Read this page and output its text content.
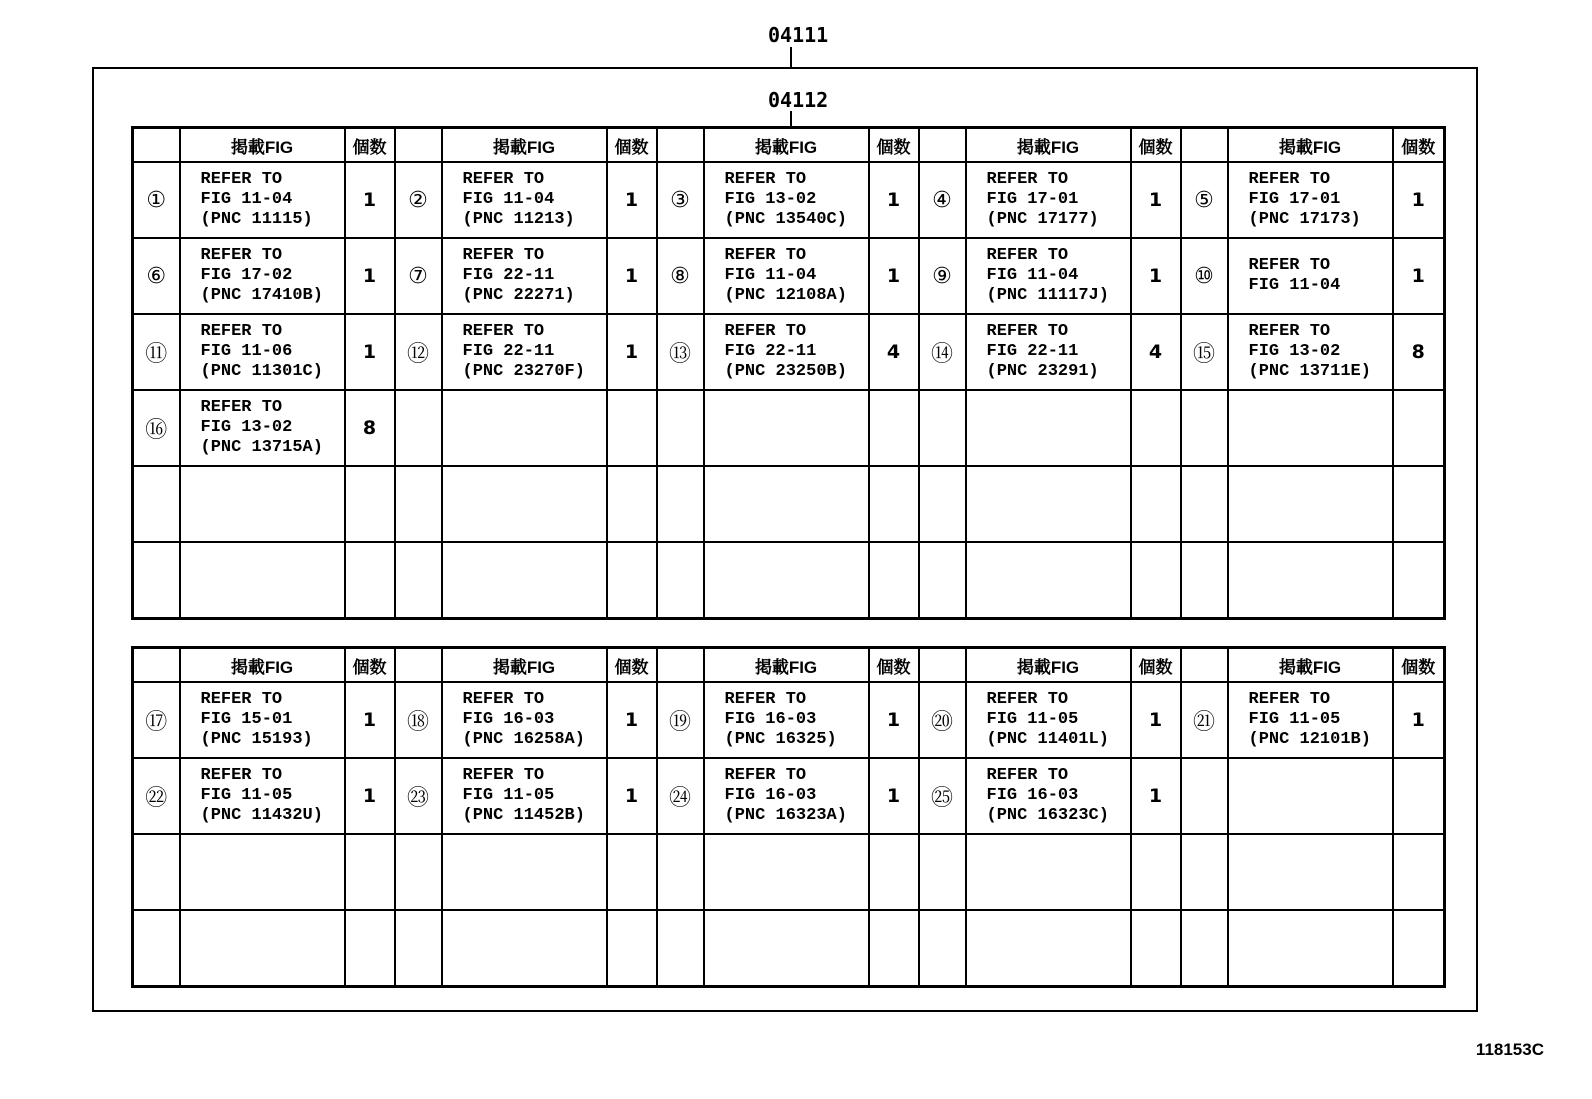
04111
04112
	掲載FIG	個数		掲載FIG	個数		掲載FIG	個数		掲載FIG	個数		掲載FIG	個数
①	REFER TO
FIG 11-04
(PNC 11115)	1	②	REFER TO
FIG 11-04
(PNC 11213)	1	③	REFER TO
FIG 13-02
(PNC 13540C)	1	④	REFER TO
FIG 17-01
(PNC 17177)	1	⑤	REFER TO
FIG 17-01
(PNC 17173)	1
⑥	REFER TO
FIG 17-02
(PNC 17410B)	1	⑦	REFER TO
FIG 22-11
(PNC 22271)	1	⑧	REFER TO
FIG 11-04
(PNC 12108A)	1	⑨	REFER TO
FIG 11-04
(PNC 11117J)	1	⑩	REFER TO
FIG 11-04	1
⑪	REFER TO
FIG 11-06
(PNC 11301C)	1	⑫	REFER TO
FIG 22-11
(PNC 23270F)	1	⑬	REFER TO
FIG 22-11
(PNC 23250B)	4	⑭	REFER TO
FIG 22-11
(PNC 23291)	4	⑮	REFER TO
FIG 13-02
(PNC 13711E)	8
⑯	REFER TO
FIG 13-02
(PNC 13715A)	8												

	掲載FIG	個数		掲載FIG	個数		掲載FIG	個数		掲載FIG	個数		掲載FIG	個数
⑰	REFER TO
FIG 15-01
(PNC 15193)	1	⑱	REFER TO
FIG 16-03
(PNC 16258A)	1	⑲	REFER TO
FIG 16-03
(PNC 16325)	1	⑳	REFER TO
FIG 11-05
(PNC 11401L)	1	㉑	REFER TO
FIG 11-05
(PNC 12101B)	1
㉒	REFER TO
FIG 11-05
(PNC 11432U)	1	㉓	REFER TO
FIG 11-05
(PNC 11452B)	1	㉔	REFER TO
FIG 16-03
(PNC 16323A)	1	㉕	REFER TO
FIG 16-03
(PNC 16323C)	1			

118153C
